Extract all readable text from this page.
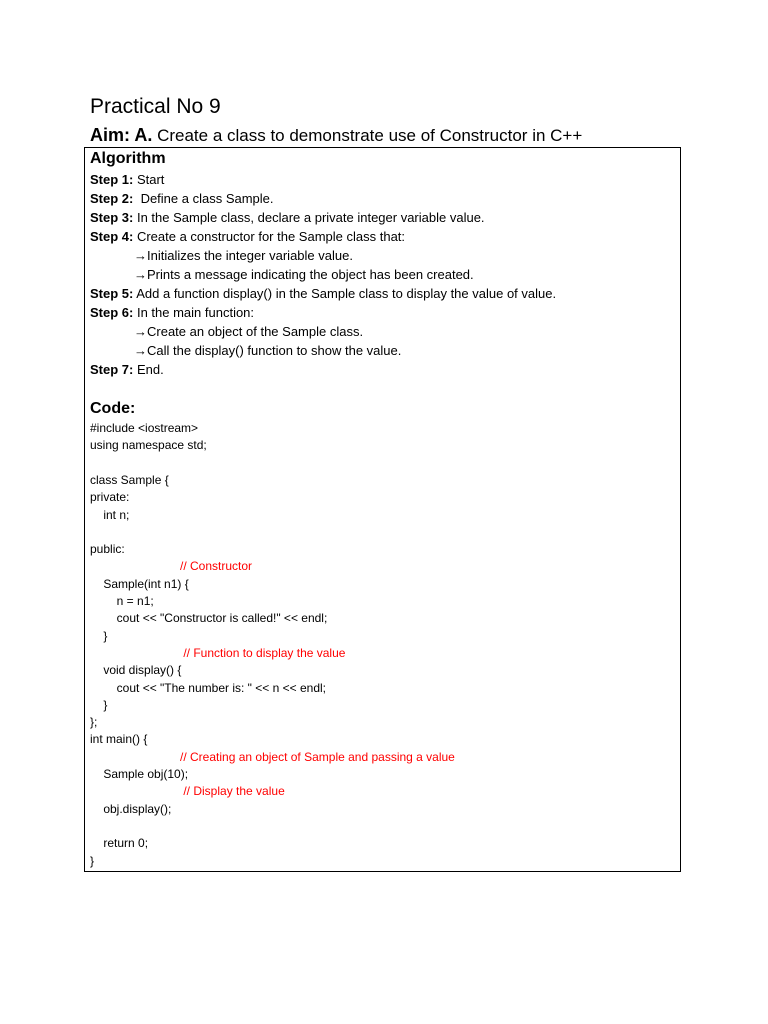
Practical No 9

Aim: A. Create a class to demonstrate use of Constructor in C++

Algorithm
Step 1: Start
Step 2:  Define a class Sample.
Step 3: In the Sample class, declare a private integer variable value.
Step 4: Create a constructor for the Sample class that:
→Initializes the integer variable value.
→Prints a message indicating the object has been created.
Step 5: Add a function display() in the Sample class to display the value of value.
Step 6: In the main function:
→Create an object of the Sample class.
→Call the display() function to show the value.
Step 7: End.
Code:
#include <iostream>
using namespace std;
class Sample {
private:
int n;
public:
// Constructor
Sample(int n1) {
n = n1;
cout << "Constructor is called!" << endl;
}
// Function to display the value
void display() {
cout << "The number is: " << n << endl;
}
};
int main() {
// Creating an object of Sample and passing a value
Sample obj(10);
// Display the value
obj.display();
return 0;
}
